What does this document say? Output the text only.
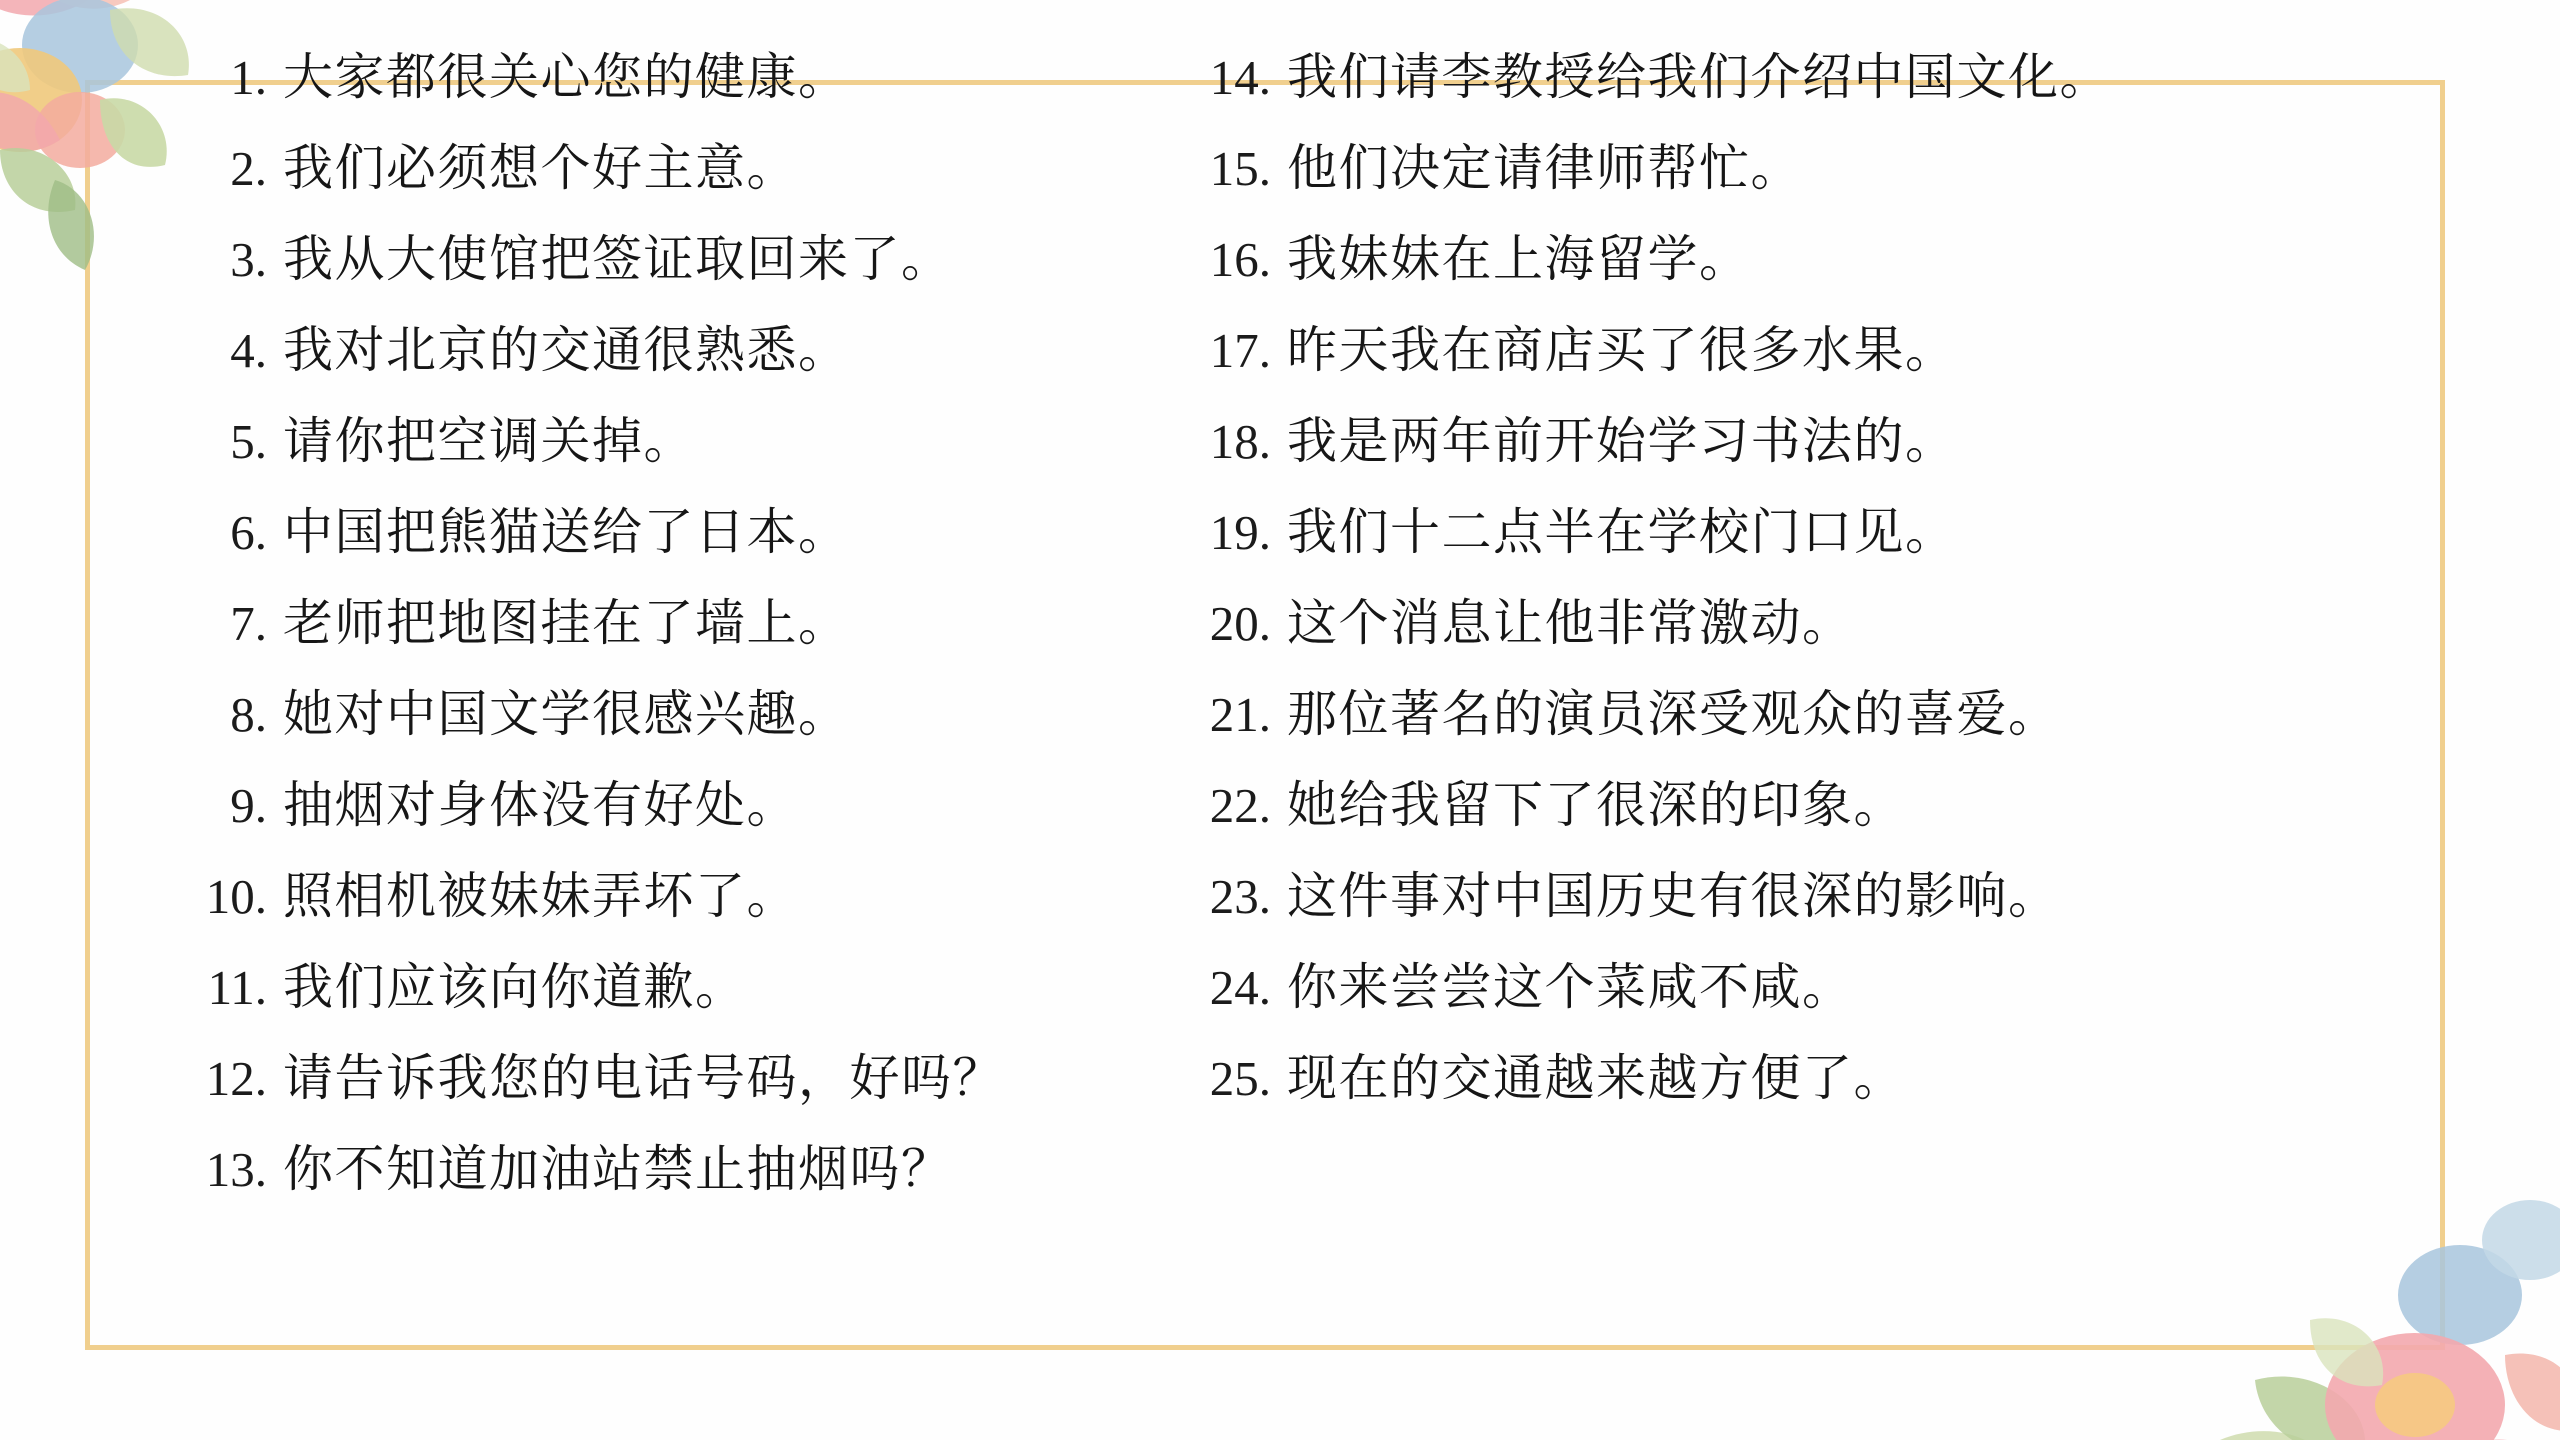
1. 大家都很关心您的健康。
2. 我们必须想个好主意。
3. 我从大使馆把签证取回来了。
4. 我对北京的交通很熟悉。
5. 请你把空调关掉。
6. 中国把熊猫送给了日本。
7. 老师把地图挂在了墙上。
8. 她对中国文学很感兴趣。
9. 抽烟对身体没有好处。
10. 照相机被妹妹弄坏了。
11. 我们应该向你道歉。
12. 请告诉我您的电话号码，好吗？
13. 你不知道加油站禁止抽烟吗？
14. 我们请李教授给我们介绍中国文化。
15. 他们决定请律师帮忙。
16. 我妹妹在上海留学。
17. 昨天我在商店买了很多水果。
18. 我是两年前开始学习书法的。
19. 我们十二点半在学校门口见。
20. 这个消息让他非常激动。
21. 那位著名的演员深受观众的喜爱。
22. 她给我留下了很深的印象。
23. 这件事对中国历史有很深的影响。
24. 你来尝尝这个菜咸不咸。
25. 现在的交通越来越方便了。
